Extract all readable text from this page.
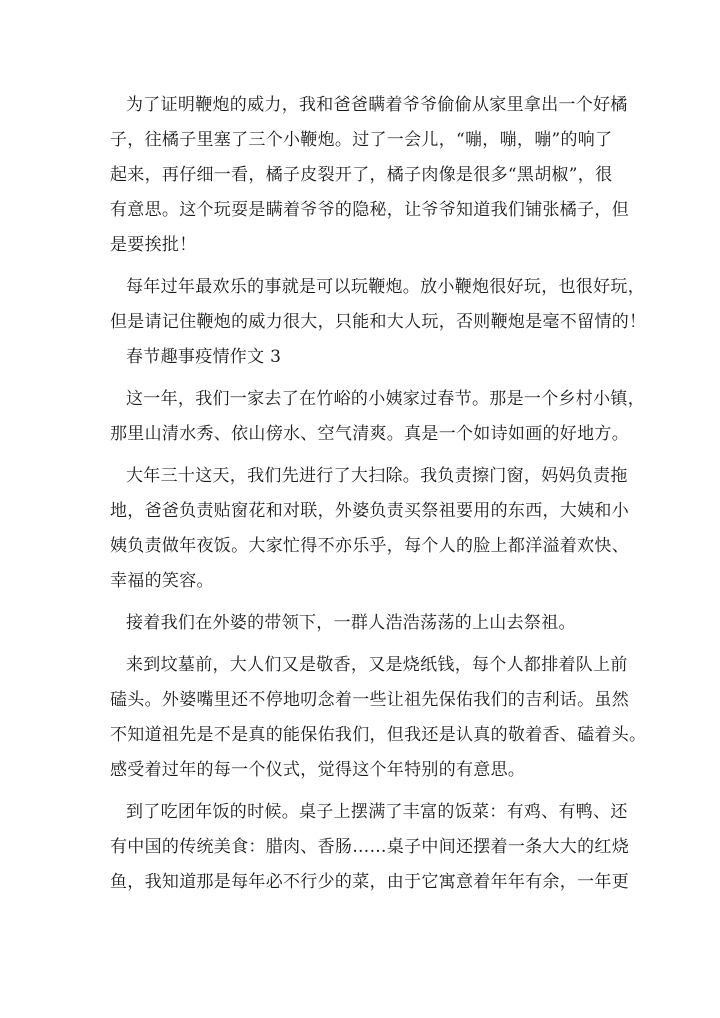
为了证明鞭炮的威力，我和爸爸瞒着爷爷偷偷从家里拿出一个好橘
子，往橘子里塞了三个小鞭炮。过了一会儿，“嘣，嘣，嘣”的响了
起来，再仔细一看，橘子皮裂开了，橘子肉像是很多“黑胡椒”，很
有意思。这个玩耍是瞒着爷爷的隐秘，让爷爷知道我们铺张橘子，但
是要挨批！
每年过年最欢乐的事就是可以玩鞭炮。放小鞭炮很好玩，也很好玩，
但是请记住鞭炮的威力很大，只能和大人玩，否则鞭炮是毫不留情的！
春节趣事疫情作文 3
这一年，我们一家去了在竹峪的小姨家过春节。那是一个乡村小镇，
那里山清水秀、依山傍水、空气清爽。真是一个如诗如画的好地方。
大年三十这天，我们先进行了大扫除。我负责擦门窗，妈妈负责拖
地，爸爸负责贴窗花和对联，外婆负责买祭祖要用的东西，大姨和小
姨负责做年夜饭。大家忙得不亦乐乎，每个人的脸上都洋溢着欢快、
幸福的笑容。
接着我们在外婆的带领下，一群人浩浩荡荡的上山去祭祖。
来到坟墓前，大人们又是敬香，又是烧纸钱，每个人都排着队上前
磕头。外婆嘴里还不停地叨念着一些让祖先保佑我们的吉利话。虽然
不知道祖先是不是真的能保佑我们，但我还是认真的敬着香、磕着头。
感受着过年的每一个仪式，觉得这个年特别的有意思。
到了吃团年饭的时候。桌子上摆满了丰富的饭菜：有鸡、有鸭、还
有中国的传统美食：腊肉、香肠……桌子中间还摆着一条大大的红烧
鱼，我知道那是每年必不行少的菜，由于它寓意着年年有余，一年更
